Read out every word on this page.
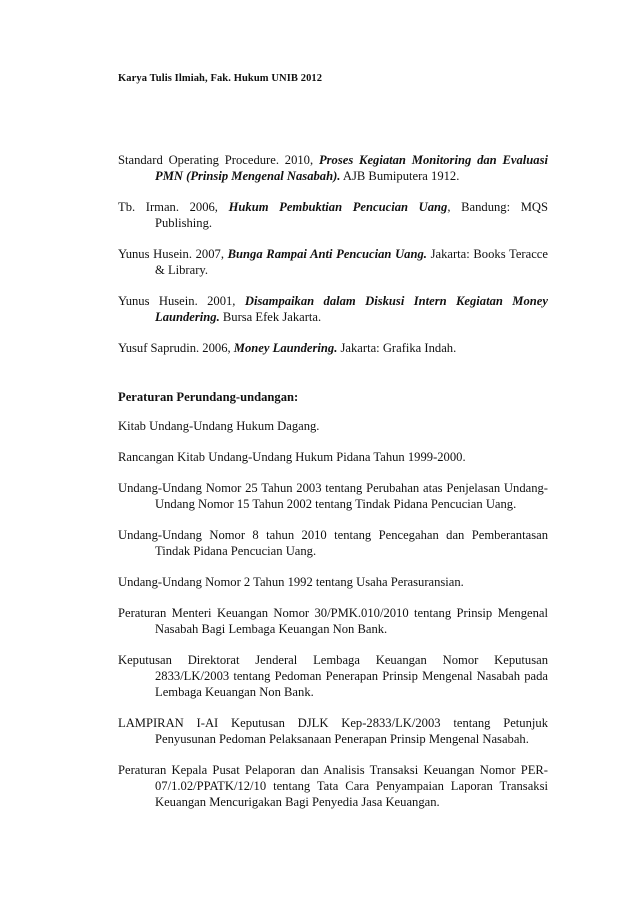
Karya Tulis Ilmiah, Fak. Hukum UNIB 2012

Standard Operating Procedure. 2010, Proses Kegiatan Monitoring dan Evaluasi PMN (Prinsip Mengenal Nasabah). AJB Bumiputera 1912.

Tb. Irman. 2006, Hukum Pembuktian Pencucian Uang, Bandung: MQS Publishing.

Yunus Husein. 2007, Bunga Rampai Anti Pencucian Uang. Jakarta: Books Teracce & Library.

Yunus Husein. 2001, Disampaikan dalam Diskusi Intern Kegiatan Money Laundering. Bursa Efek Jakarta.

Yusuf Saprudin. 2006, Money Laundering. Jakarta: Grafika Indah.

Peraturan Perundang-undangan:

Kitab Undang-Undang Hukum Dagang.

Rancangan Kitab Undang-Undang Hukum Pidana Tahun 1999-2000.

Undang-Undang Nomor 25 Tahun 2003 tentang Perubahan atas Penjelasan Undang-Undang Nomor 15 Tahun 2002 tentang Tindak Pidana Pencucian Uang.

Undang-Undang Nomor 8 tahun 2010 tentang Pencegahan dan Pemberantasan Tindak Pidana Pencucian Uang.

Undang-Undang Nomor 2 Tahun 1992 tentang Usaha Perasuransian.

Peraturan Menteri Keuangan Nomor 30/PMK.010/2010 tentang Prinsip Mengenal Nasabah Bagi Lembaga Keuangan Non Bank.

Keputusan Direktorat Jenderal Lembaga Keuangan Nomor Keputusan 2833/LK/2003 tentang Pedoman Penerapan Prinsip Mengenal Nasabah pada Lembaga Keuangan Non Bank.

LAMPIRAN I-AI Keputusan DJLK Kep-2833/LK/2003 tentang Petunjuk Penyusunan Pedoman Pelaksanaan Penerapan Prinsip Mengenal Nasabah.

Peraturan Kepala Pusat Pelaporan dan Analisis Transaksi Keuangan Nomor PER-07/1.02/PPATK/12/10 tentang Tata Cara Penyampaian Laporan Transaksi Keuangan Mencurigakan Bagi Penyedia Jasa Keuangan.
